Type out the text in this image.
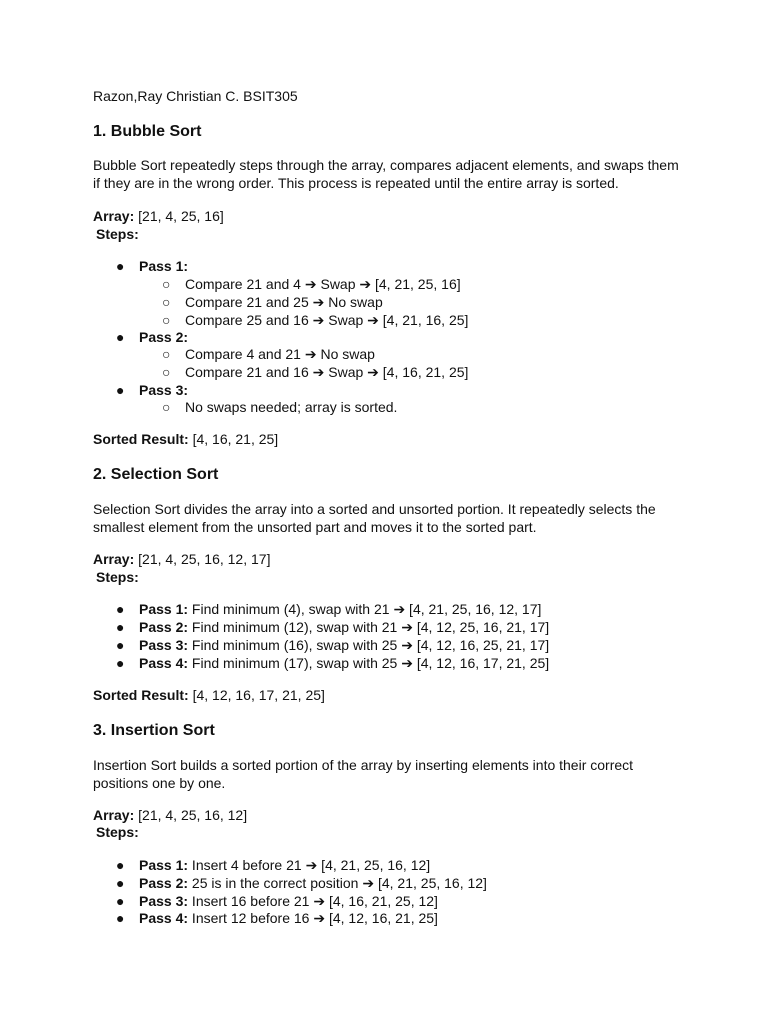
Razon,Ray Christian C. BSIT305
1. Bubble Sort

Bubble Sort repeatedly steps through the array, compares adjacent elements, and swaps them if they are in the wrong order. This process is repeated until the entire array is sorted.

Array: [21, 4, 25, 16]
Steps:
● Pass 1:
○ Compare 21 and 4 ➔ Swap ➔ [4, 21, 25, 16]
○ Compare 21 and 25 ➔ No swap
○ Compare 25 and 16 ➔ Swap ➔ [4, 21, 16, 25]
● Pass 2:
○ Compare 4 and 21 ➔ No swap
○ Compare 21 and 16 ➔ Swap ➔ [4, 16, 21, 25]
● Pass 3:
○ No swaps needed; array is sorted.
Sorted Result: [4, 16, 21, 25]
2. Selection Sort

Selection Sort divides the array into a sorted and unsorted portion. It repeatedly selects the smallest element from the unsorted part and moves it to the sorted part.

Array: [21, 4, 25, 16, 12, 17]
Steps:
● Pass 1: Find minimum (4), swap with 21 ➔ [4, 21, 25, 16, 12, 17]
● Pass 2: Find minimum (12), swap with 21 ➔ [4, 12, 25, 16, 21, 17]
● Pass 3: Find minimum (16), swap with 25 ➔ [4, 12, 16, 25, 21, 17]
● Pass 4: Find minimum (17), swap with 25 ➔ [4, 12, 16, 17, 21, 25]
Sorted Result: [4, 12, 16, 17, 21, 25]
3. Insertion Sort

Insertion Sort builds a sorted portion of the array by inserting elements into their correct positions one by one.

Array: [21, 4, 25, 16, 12]
Steps:
● Pass 1: Insert 4 before 21 ➔ [4, 21, 25, 16, 12]
● Pass 2: 25 is in the correct position ➔ [4, 21, 25, 16, 12]
● Pass 3: Insert 16 before 21 ➔ [4, 16, 21, 25, 12]
● Pass 4: Insert 12 before 16 ➔ [4, 12, 16, 21, 25]
